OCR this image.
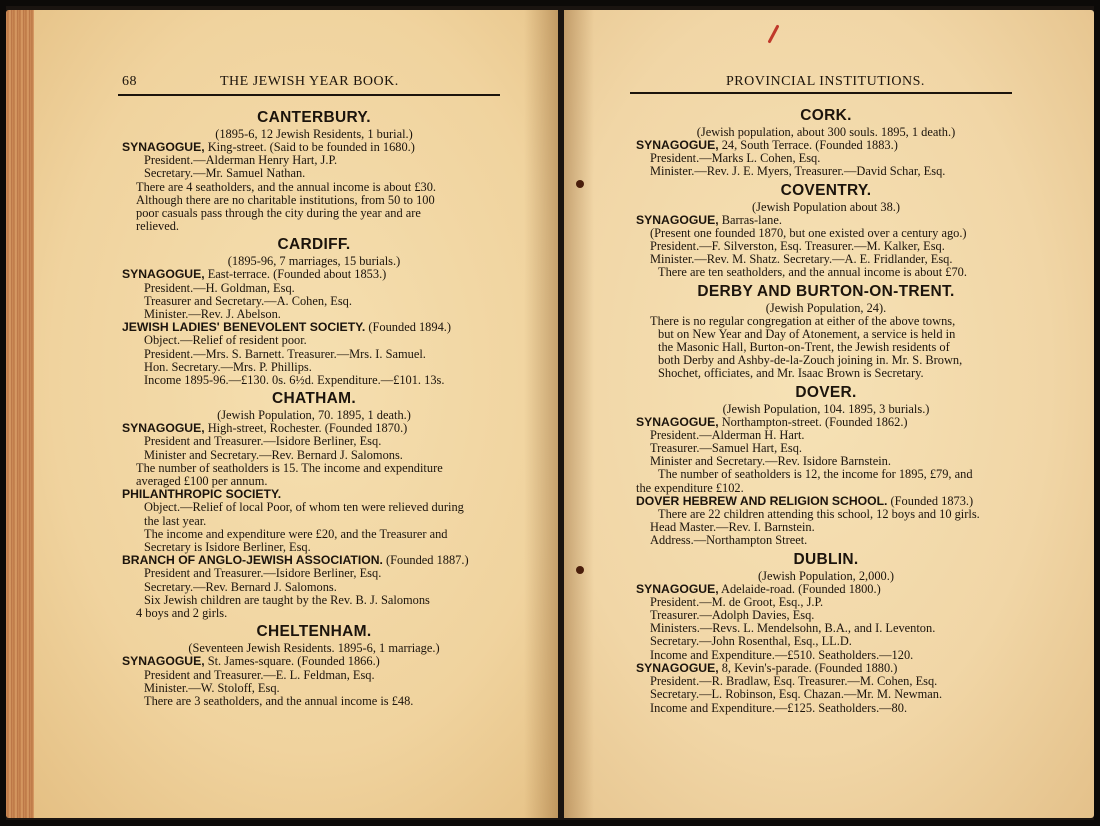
68	THE JEWISH YEAR BOOK.
CANTERBURY.
(1895-6, 12 Jewish Residents, 1 burial.)
SYNAGOGUE, King-street. (Said to be founded in 1680.)
President.—Alderman Henry Hart, J.P.
Secretary.—Mr. Samuel Nathan.
There are 4 seatholders, and the annual income is about £30.
Although there are no charitable institutions, from 50 to 100
poor casuals pass through the city during the year and are
relieved.
CARDIFF.
(1895-96, 7 marriages, 15 burials.)
SYNAGOGUE, East-terrace. (Founded about 1853.)
President.—H. Goldman, Esq.
Treasurer and Secretary.—A. Cohen, Esq.
Minister.—Rev. J. Abelson.
JEWISH LADIES' BENEVOLENT SOCIETY. (Founded 1894.)
Object.—Relief of resident poor.
President.—Mrs. S. Barnett. Treasurer.—Mrs. I. Samuel.
Hon. Secretary.—Mrs. P. Phillips.
Income 1895-96.—£130. 0s. 6½d. Expenditure.—£101. 13s.
CHATHAM.
(Jewish Population, 70. 1895, 1 death.)
SYNAGOGUE, High-street, Rochester. (Founded 1870.)
President and Treasurer.—Isidore Berliner, Esq.
Minister and Secretary.—Rev. Bernard J. Salomons.
The number of seatholders is 15. The income and expenditure
averaged £100 per annum.
PHILANTHROPIC SOCIETY.
Object.—Relief of local Poor, of whom ten were relieved during
the last year.
The income and expenditure were £20, and the Treasurer and
Secretary is Isidore Berliner, Esq.
BRANCH OF ANGLO-JEWISH ASSOCIATION. (Founded 1887.)
President and Treasurer.—Isidore Berliner, Esq.
Secretary.—Rev. Bernard J. Salomons.
Six Jewish children are taught by the Rev. B. J. Salomons
4 boys and 2 girls.
CHELTENHAM.
(Seventeen Jewish Residents. 1895-6, 1 marriage.)
SYNAGOGUE, St. James-square. (Founded 1866.)
President and Treasurer.—E. L. Feldman, Esq.
Minister.—W. Stoloff, Esq.
There are 3 seatholders, and the annual income is £48.
PROVINCIAL INSTITUTIONS.
CORK.
(Jewish population, about 300 souls. 1895, 1 death.)
SYNAGOGUE, 24, South Terrace. (Founded 1883.)
President.—Marks L. Cohen, Esq.
Minister.—Rev. J. E. Myers, Treasurer.—David Schar, Esq.
COVENTRY.
(Jewish Population about 38.)
SYNAGOGUE, Barras-lane.
(Present one founded 1870, but one existed over a century ago.)
President.—F. Silverston, Esq. Treasurer.—M. Kalker, Esq.
Minister.—Rev. M. Shatz. Secretary.—A. E. Fridlander, Esq.
There are ten seatholders, and the annual income is about £70.
DERBY AND BURTON-ON-TRENT.
(Jewish Population, 24).
There is no regular congregation at either of the above towns,
but on New Year and Day of Atonement, a service is held in
the Masonic Hall, Burton-on-Trent, the Jewish residents of
both Derby and Ashby-de-la-Zouch joining in. Mr. S. Brown,
Shochet, officiates, and Mr. Isaac Brown is Secretary.
DOVER.
(Jewish Population, 104. 1895, 3 burials.)
SYNAGOGUE, Northampton-street. (Founded 1862.)
President.—Alderman H. Hart.
Treasurer.—Samuel Hart, Esq.
Minister and Secretary.—Rev. Isidore Barnstein.
The number of seatholders is 12, the income for 1895, £79, and
the expenditure £102.
DOVER HEBREW AND RELIGION SCHOOL. (Founded 1873.)
There are 22 children attending this school, 12 boys and 10 girls.
Head Master.—Rev. I. Barnstein.
Address.—Northampton Street.
DUBLIN.
(Jewish Population, 2,000.)
SYNAGOGUE, Adelaide-road. (Founded 1800.)
President.—M. de Groot, Esq., J.P.
Treasurer.—Adolph Davies, Esq.
Ministers.—Revs. L. Mendelsohn, B.A., and I. Leventon.
Secretary.—John Rosenthal, Esq., LL.D.
Income and Expenditure.—£510. Seatholders.—120.
SYNAGOGUE, 8, Kevin's-parade. (Founded 1880.)
President.—R. Bradlaw, Esq. Treasurer.—M. Cohen, Esq.
Secretary.—L. Robinson, Esq. Chazan.—Mr. M. Newman.
Income and Expenditure.—£125. Seatholders.—80.
